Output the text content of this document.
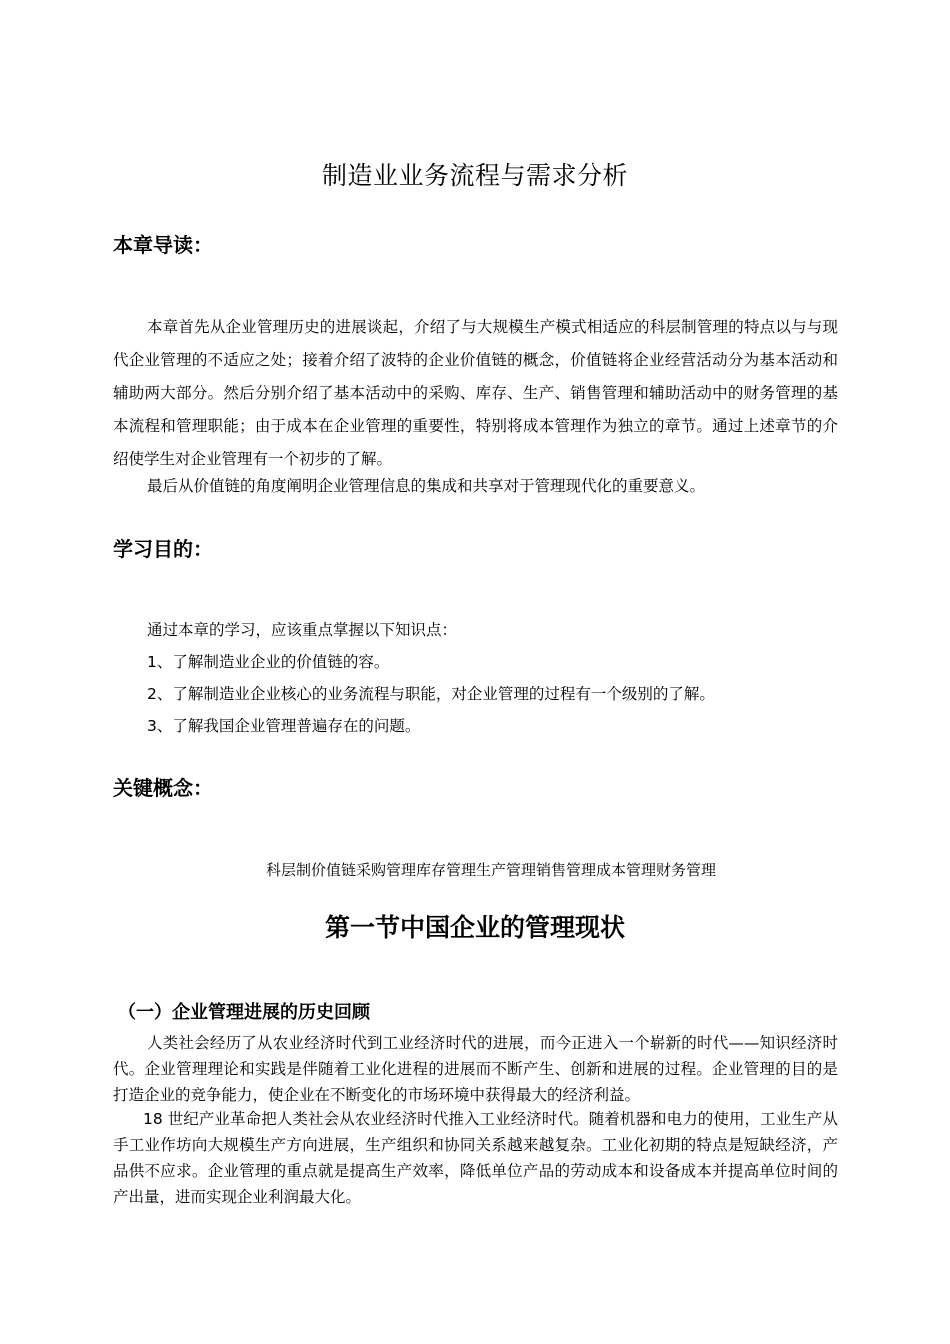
制造业业务流程与需求分析
本章导读：

本章首先从企业管理历史的进展谈起，介绍了与大规模生产模式相适应的科层制管理的特点以与与现代企业管理的不适应之处；接着介绍了波特的企业价值链的概念，价值链将企业经营活动分为基本活动和辅助两大部分。然后分别介绍了基本活动中的采购、库存、生产、销售管理和辅助活动中的财务管理的基本流程和管理职能；由于成本在企业管理的重要性，特别将成本管理作为独立的章节。通过上述章节的介绍使学生对企业管理有一个初步的了解。

最后从价值链的角度阐明企业管理信息的集成和共享对于管理现代化的重要意义。

学习目的：

通过本章的学习，应该重点掌握以下知识点：

1、了解制造业企业的价值链的容。

2、了解制造业企业核心的业务流程与职能，对企业管理的过程有一个级别的了解。

3、了解我国企业管理普遍存在的问题。

关键概念：

科层制价值链采购管理库存管理生产管理销售管理成本管理财务管理

第一节中国企业的管理现状
（一）企业管理进展的历史回顾

人类社会经历了从农业经济时代到工业经济时代的进展，而今正进入一个崭新的时代——知识经济时代。企业管理理论和实践是伴随着工业化进程的进展而不断产生、创新和进展的过程。企业管理的目的是打造企业的竞争能力，使企业在不断变化的市场环境中获得最大的经济利益。

18 世纪产业革命把人类社会从农业经济时代推入工业经济时代。随着机器和电力的使用，工业生产从手工业作坊向大规模生产方向进展，生产组织和协同关系越来越复杂。工业化初期的特点是短缺经济，产品供不应求。企业管理的重点就是提高生产效率，降低单位产品的劳动成本和设备成本并提高单位时间的产出量，进而实现企业利润最大化。
